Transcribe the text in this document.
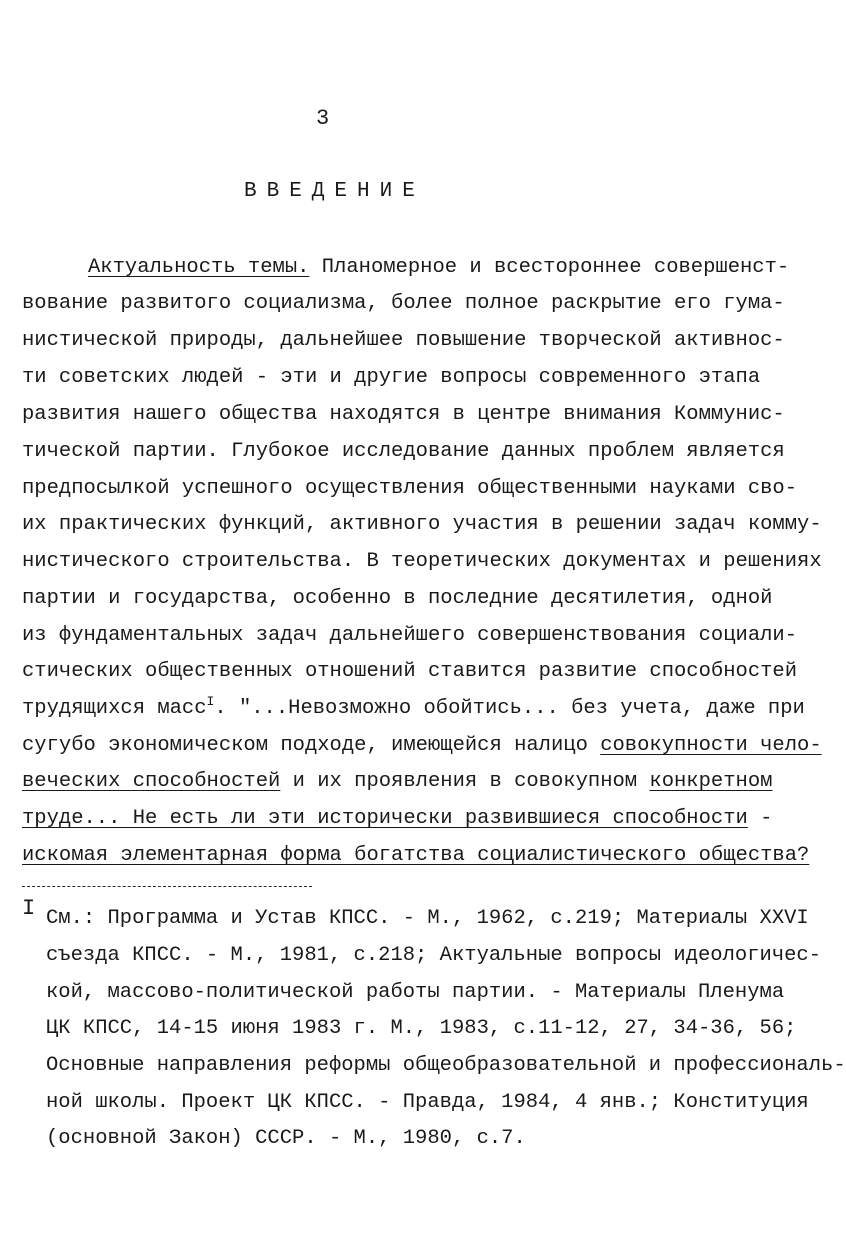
3
ВВЕДЕНИЕ
Актуальность темы. Планомерное и всестороннее совершенст-
вование развитого социализма, более полное раскрытие его гума-
нистической природы, дальнейшее повышение творческой активнос-
ти советских людей - эти и другие вопросы современного этапа
развития нашего общества находятся в центре внимания Коммунис-
тической партии. Глубокое исследование данных проблем является
предпосылкой успешного осуществления общественными науками сво-
их практических функций, активного участия в решении задач комму-
нистического строительства. В теоретических документах и решениях
партии и государства, особенно в последние десятилетия, одной
из фундаментальных задач дальнейшего совершенствования социали-
стических общественных отношений ставится развитие способностей
трудящихся масс$^I$. "...Невозможно обойтись... без учета, даже при
сугубо экономическом подходе, имеющейся налицо совокупности чело-
веческих способностей и их проявления в совокупном конкретном
труде... Не есть ли эти исторически развившиеся способности -
искомая элементарная форма богатства социалистического общества?
I См.: Программа и Устав КПСС. - М., 1962, с.219; Материалы XXVI
съезда КПСС. - М., 1981, с.218; Актуальные вопросы идеологичес-
кой, массово-политической работы партии. - Материалы Пленума
ЦК КПСС, 14-15 июня 1983 г. М., 1983, с.11-12, 27, 34-36, 56;
Основные направления реформы общеобразовательной и профессиональ-
ной школы. Проект ЦК КПСС. - Правда, 1984, 4 янв.; Конституция
(основной Закон) СССР. - М., 1980, с.7.
